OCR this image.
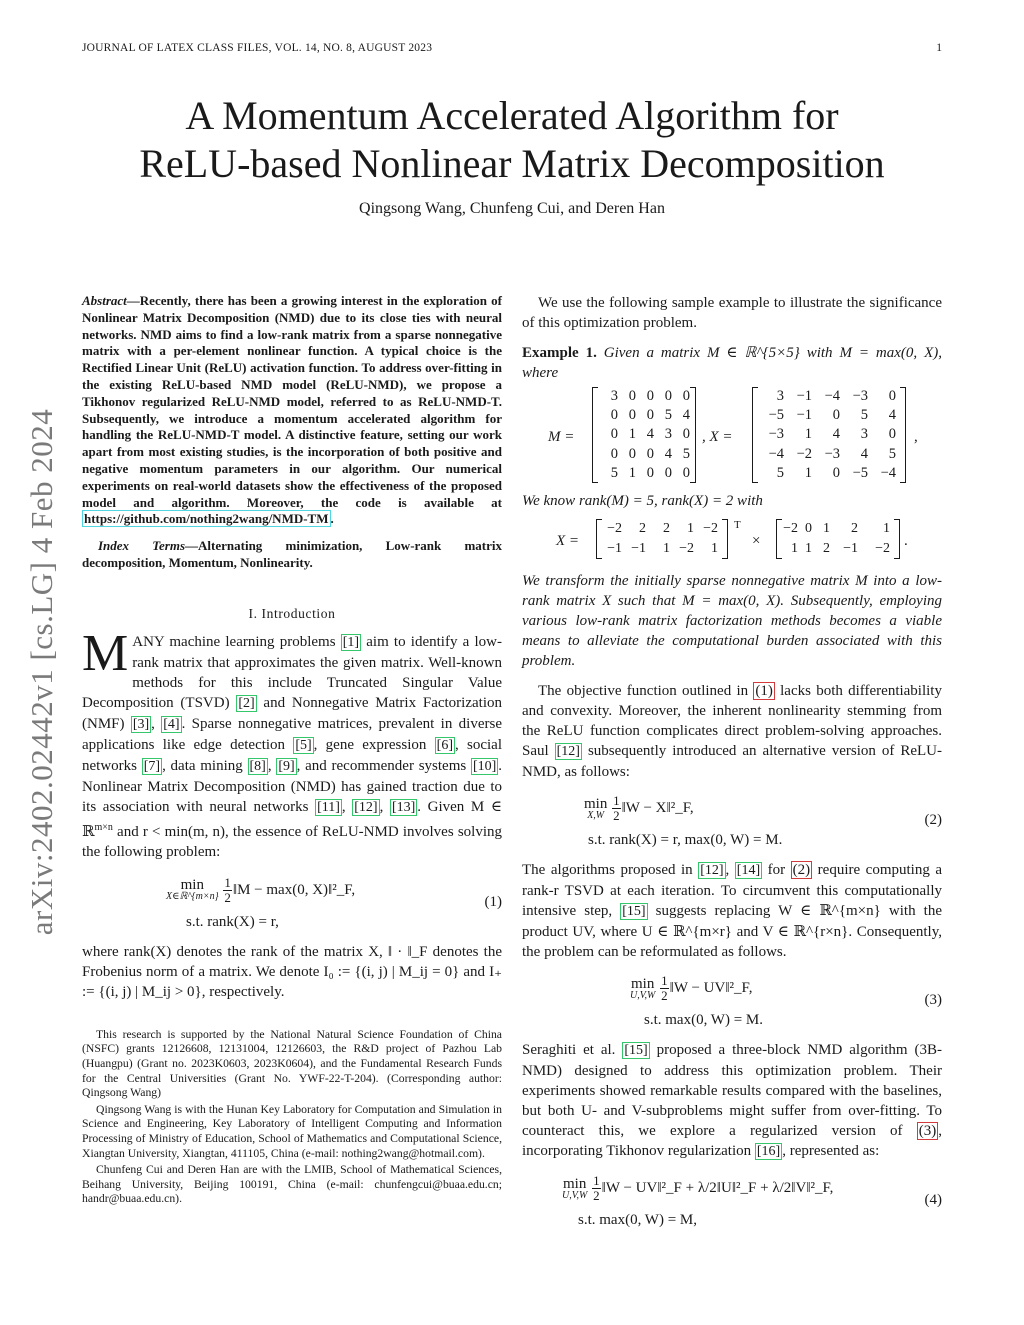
JOURNAL OF LATEX CLASS FILES, VOL. 14, NO. 8, AUGUST 2023	1
arXiv:2402.02442v1 [cs.LG] 4 Feb 2024
A Momentum Accelerated Algorithm for
ReLU-based Nonlinear Matrix Decomposition
Qingsong Wang, Chunfeng Cui, and Deren Han
Abstract—Recently, there has been a growing interest in the exploration of Nonlinear Matrix Decomposition (NMD) due to its close ties with neural networks. NMD aims to find a low-rank matrix from a sparse nonnegative matrix with a per-element nonlinear function. A typical choice is the Rectified Linear Unit (ReLU) activation function. To address over-fitting in the existing ReLU-based NMD model (ReLU-NMD), we propose a Tikhonov regularized ReLU-NMD model, referred to as ReLU-NMD-T. Subsequently, we introduce a momentum accelerated algorithm for handling the ReLU-NMD-T model. A distinctive feature, setting our work apart from most existing studies, is the incorporation of both positive and negative momentum parameters in our algorithm. Our numerical experiments on real-world datasets show the effectiveness of the proposed model and algorithm. Moreover, the code is available at https://github.com/nothing2wang/NMD-TM .
Index Terms—Alternating minimization, Low-rank matrix decomposition, Momentum, Nonlinearity.
I. Introduction

MANY machine learning problems [1] aim to identify a low-rank matrix that approximates the given matrix. Well-known methods for this include Truncated Singular Value Decomposition (TSVD) [2] and Nonnegative Matrix Factorization (NMF) [3] , [4] . Sparse nonnegative matrices, prevalent in diverse applications like edge detection [5] , gene expression [6] , social networks [7] , data mining [8] , [9] , and recommender systems [10] . Nonlinear Matrix Decomposition (NMD) has gained traction due to its association with neural networks [11] , [12] , [13] . Given M ∈ ℝ$^{m\times n}$ and r < min(m, n), the essence of ReLU-NMD involves solving the following problem:

min
X∈ℝ^{m×n}
$\frac{1}{2}$ ‖M − max(0, X)‖²_F,
s.t. rank(X) = r,
(1)

where rank(X) denotes the rank of the matrix X, ‖ · ‖_F denotes the Frobenius norm of a matrix. We denote I₀ := {(i, j) | M_ij = 0} and I₊ := {(i, j) | M_ij > 0}, respectively.

This research is supported by the National Natural Science Foundation of China (NSFC) grants 12126608, 12131004, 12126603, the R&D project of Pazhou Lab (Huangpu) (Grant no. 2023K0603, 2023K0604), and the Fundamental Research Funds for the Central Universities (Grant No. YWF-22-T-204). (Corresponding author: Qingsong Wang)

Qingsong Wang is with the Hunan Key Laboratory for Computation and Simulation in Science and Engineering, Key Laboratory of Intelligent Computing and Information Processing of Ministry of Education, School of Mathematics and Computational Science, Xiangtan University, Xiangtan, 411105, China (e-mail: nothing2wang@hotmail.com).

Chunfeng Cui and Deren Han are with the LMIB, School of Mathematical Sciences, Beihang University, Beijing 100191, China (e-mail: chunfengcui@buaa.edu.cn; handr@buaa.edu.cn).

We use the following sample example to illustrate the significance of this optimization problem.

Example 1. Given a matrix M ∈ ℝ^{5×5} with M = max(0, X), where

M =
3 0 0 0 0
0 0 0 5 4
0 1 4 3 0
0 0 0 4 5
5 1 0 0 0
, X =
3 −1 −4 −3	0
−5 −1	0	5	4
−3	1	4	3	0
−4 −2 −3	4	5
5	1	0 −5 −4
,

We know rank(M) = 5, rank(X) = 2 with

X =
−2	2	2	1 −2
−1 −1	1 −2	1
T
×
−2 0 1	2	1
1 1 2 −1	−2 .

We transform the initially sparse nonnegative matrix M into a low-rank matrix X such that M = max(0, X). Subsequently, employing various low-rank matrix factorization methods becomes a viable means to alleviate the computational burden associated with this problem.

The objective function outlined in (1) lacks both differentiability and convexity. Moreover, the inherent nonlinearity stemming from the ReLU function complicates direct problem-solving approaches. Saul [12] subsequently introduced an alternative version of ReLU-NMD, as follows:

min
X,W
$\frac{1}{2}$ ‖W − X‖²_F,
s.t. rank(X) = r, max(0, W) = M.
(2)

The algorithms proposed in [12] , [14] for (2) require computing a rank-r TSVD at each iteration. To circumvent this computationally intensive step, [15] suggests replacing W ∈ ℝ^{m×n} with the product UV, where U ∈ ℝ^{m×r} and V ∈ ℝ^{r×n}. Consequently, the problem can be reformulated as follows.

min
U,V,W
$\frac{1}{2}$ ‖W − UV‖²_F,
s.t. max(0, W) = M.
(3)

Seraghiti et al. [15] proposed a three-block NMD algorithm (3B-NMD) designed to address this optimization problem. Their experiments showed remarkable results compared with the baselines, but both U- and V-subproblems might suffer from over-fitting. To counteract this, we explore a regularized version of (3) , incorporating Tikhonov regularization [16] , represented as:

min
U,V,W
$\frac{1}{2}$ ‖W − UV‖²_F + λ/2‖U‖²_F + λ/2‖V‖²_F,
s.t. max(0, W) = M,
(4)
